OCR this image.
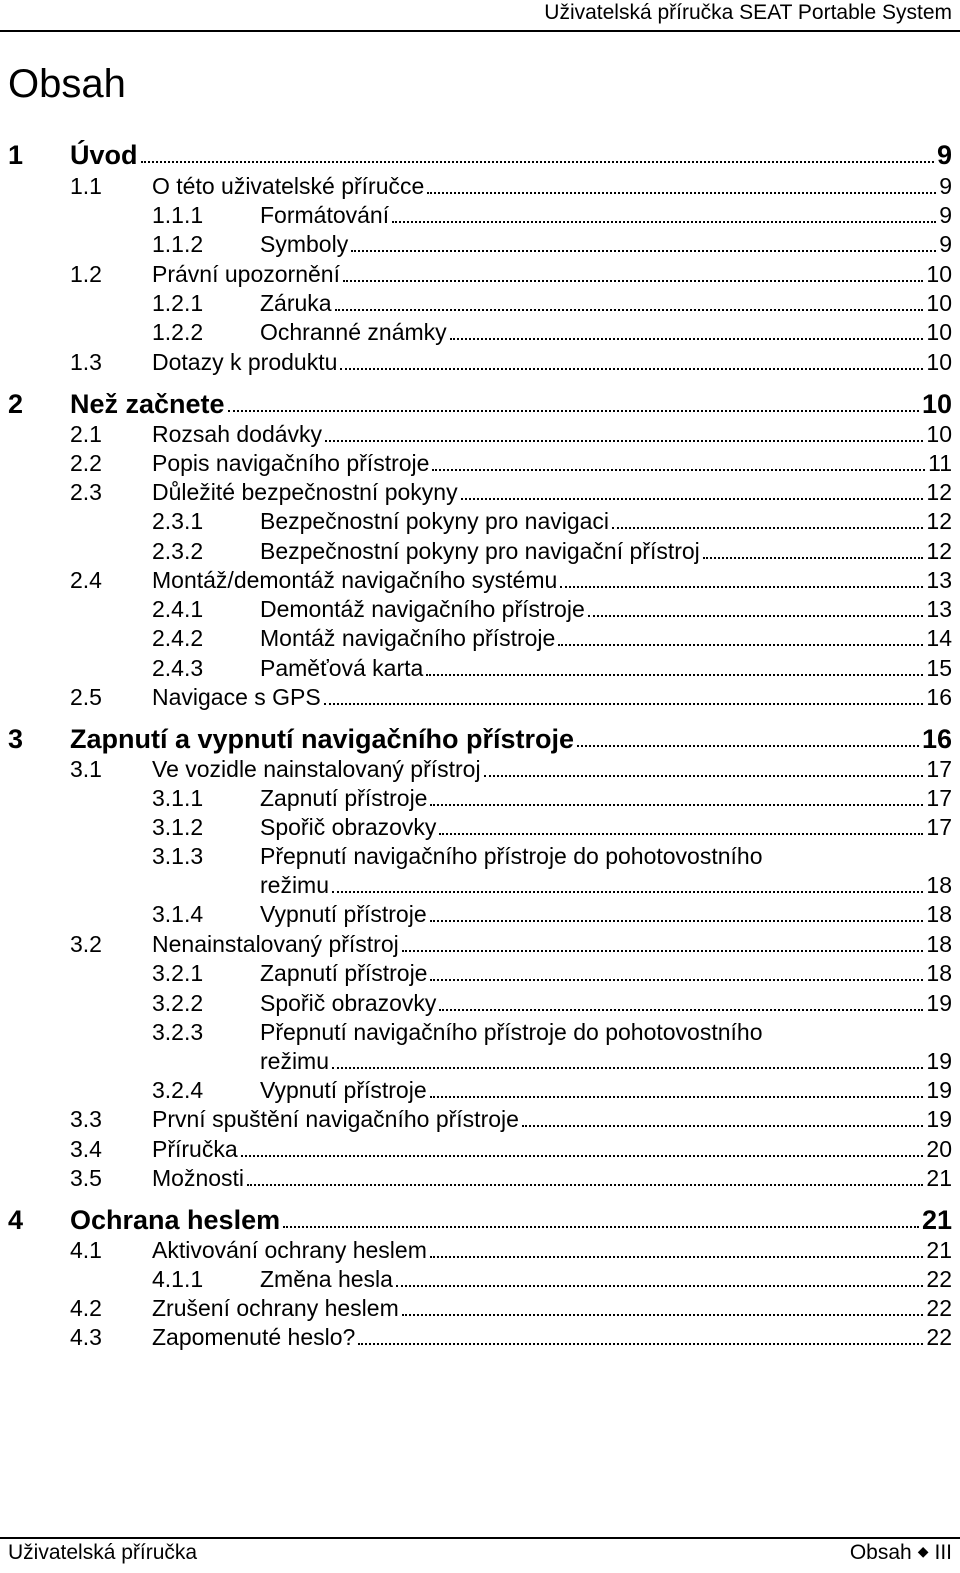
Uživatelská příručka SEAT Portable System
Obsah
1 Úvod	9
1.1 O této uživatelské příručce	9
1.1.1 Formátování	9
1.1.2 Symboly	9
1.2 Právní upozornění	10
1.2.1 Záruka	10
1.2.2 Ochranné známky	10
1.3 Dotazy k produktu	10
2 Než začnete	10
2.1 Rozsah dodávky	10
2.2 Popis navigačního přístroje	11
2.3 Důležité bezpečnostní pokyny	12
2.3.1 Bezpečnostní pokyny pro navigaci	12
2.3.2 Bezpečnostní pokyny pro navigační přístroj	12
2.4 Montáž/demontáž navigačního systému	13
2.4.1 Demontáž navigačního přístroje	13
2.4.2 Montáž navigačního přístroje	14
2.4.3 Paměťová karta	15
2.5 Navigace s GPS	16
3 Zapnutí a vypnutí navigačního přístroje	16
3.1 Ve vozidle nainstalovaný přístroj	17
3.1.1 Zapnutí přístroje	17
3.1.2 Spořič obrazovky	17
3.1.3 Přepnutí navigačního přístroje do pohotovostního
režimu	18
3.1.4 Vypnutí přístroje	18
3.2 Nenainstalovaný přístroj	18
3.2.1 Zapnutí přístroje	18
3.2.2 Spořič obrazovky	19
3.2.3 Přepnutí navigačního přístroje do pohotovostního
režimu	19
3.2.4 Vypnutí přístroje	19
3.3 První spuštění navigačního přístroje	19
3.4 Příručka	20
3.5 Možnosti	21
4 Ochrana heslem	21
4.1 Aktivování ochrany heslem	21
4.1.1 Změna hesla	22
4.2 Zrušení ochrany heslem	22
4.3 Zapomenuté heslo?	22
Uživatelská příručka	Obsah ◆ III
